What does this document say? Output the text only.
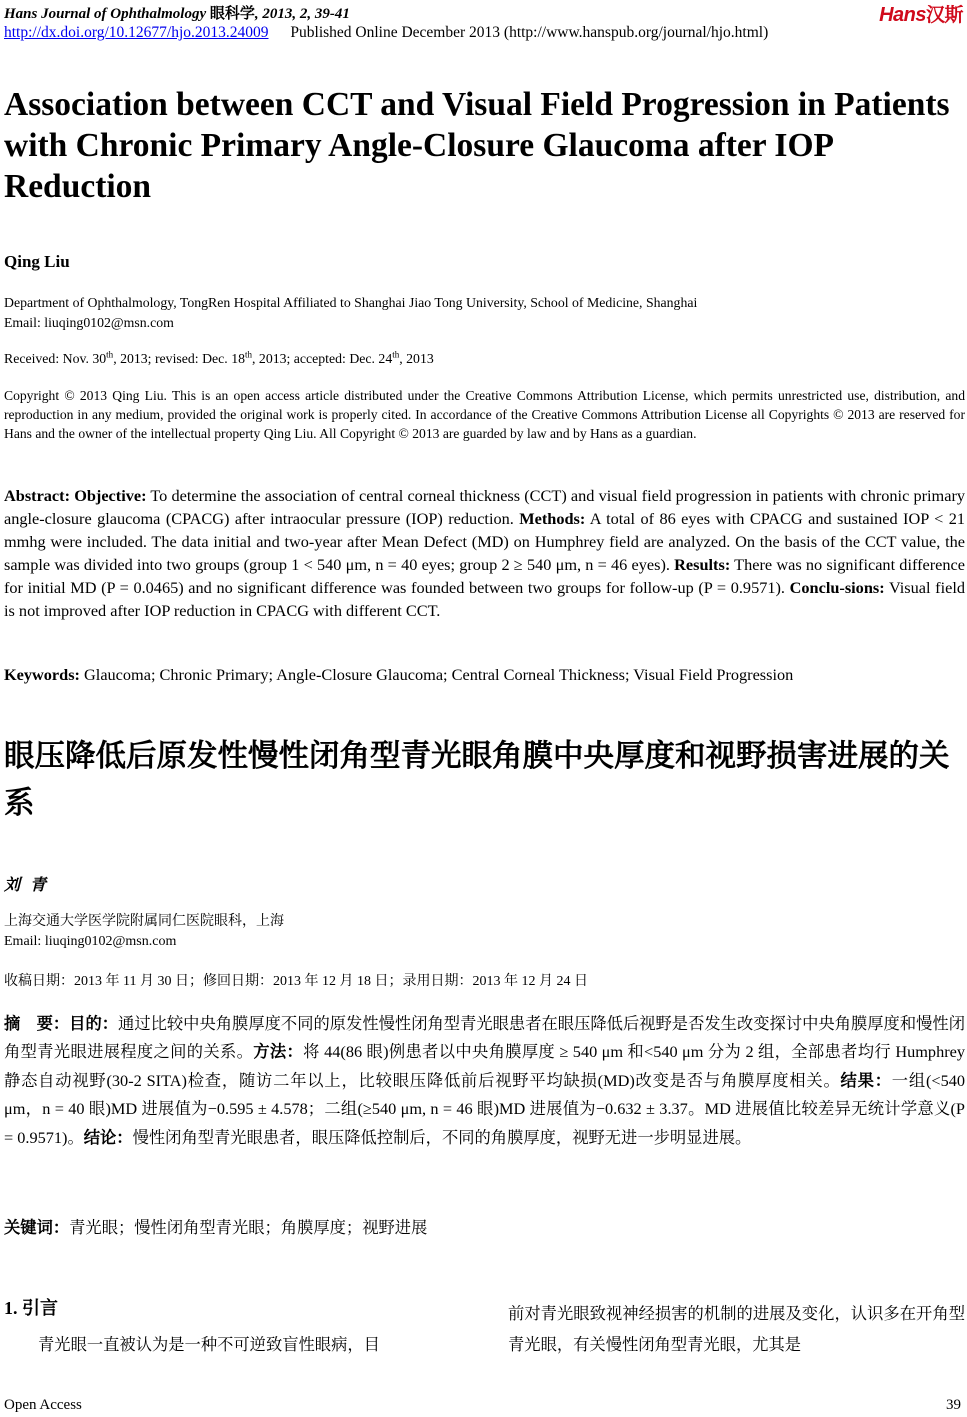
Hans Journal of Ophthalmology 眼科学, 2013, 2, 39-41
http://dx.doi.org/10.12677/hjo.2013.24009 Published Online December 2013 (http://www.hanspub.org/journal/hjo.html)
Hans汉斯
Association between CCT and Visual Field Progression in Patients with Chronic Primary Angle-Closure Glaucoma after IOP Reduction
Qing Liu
Department of Ophthalmology, TongRen Hospital Affiliated to Shanghai Jiao Tong University, School of Medicine, Shanghai
Email: liuqing0102@msn.com
Received: Nov. 30th, 2013; revised: Dec. 18th, 2013; accepted: Dec. 24th, 2013
Copyright © 2013 Qing Liu. This is an open access article distributed under the Creative Commons Attribution License, which permits unrestricted use, distribution, and reproduction in any medium, provided the original work is properly cited. In accordance of the Creative Commons Attribution License all Copyrights © 2013 are reserved for Hans and the owner of the intellectual property Qing Liu. All Copyright © 2013 are guarded by law and by Hans as a guardian.
Abstract: Objective: To determine the association of central corneal thickness (CCT) and visual field progression in patients with chronic primary angle-closure glaucoma (CPACG) after intraocular pressure (IOP) reduction. Methods: A total of 86 eyes with CPACG and sustained IOP < 21 mmhg were included. The data initial and two-year after Mean Defect (MD) on Humphrey field are analyzed. On the basis of the CCT value, the sample was divided into two groups (group 1 < 540 μm, n = 40 eyes; group 2 ≥ 540 μm, n = 46 eyes). Results: There was no significant difference for initial MD (P = 0.0465) and no significant difference was founded between two groups for follow-up (P = 0.9571). Conclu-sions: Visual field is not improved after IOP reduction in CPACG with different CCT.
Keywords: Glaucoma; Chronic Primary; Angle-Closure Glaucoma; Central Corneal Thickness; Visual Field Progression
眼压降低后原发性慢性闭角型青光眼角膜中央厚度和视野损害进展的关系
刘青
上海交通大学医学院附属同仁医院眼科，上海
Email: liuqing0102@msn.com
收稿日期：2013 年 11 月 30 日；修回日期：2013 年 12 月 18 日；录用日期：2013 年 12 月 24 日
摘　要：目的：通过比较中央角膜厚度不同的原发性慢性闭角型青光眼患者在眼压降低后视野是否发生改变探讨中央角膜厚度和慢性闭角型青光眼进展程度之间的关系。方法：将 44(86 眼)例患者以中央角膜厚度 ≥ 540 μm 和<540 μm 分为 2 组，全部患者均行 Humphrey 静态自动视野(30-2 SITA)检查，随访二年以上，比较眼压降低前后视野平均缺损(MD)改变是否与角膜厚度相关。结果：一组(<540 μm，n = 40 眼)MD 进展值为−0.595 ± 4.578；二组(≥540 μm, n = 46 眼)MD 进展值为−0.632 ± 3.37。MD 进展值比较差异无统计学意义(P = 0.9571)。结论：慢性闭角型青光眼患者，眼压降低控制后，不同的角膜厚度，视野无进一步明显进展。
关键词：青光眼；慢性闭角型青光眼；角膜厚度；视野进展
1. 引言
青光眼一直被认为是一种不可逆致盲性眼病，目
前对青光眼致视神经损害的机制的进展及变化，认识多在开角型青光眼，有关慢性闭角型青光眼，尤其是
Open Access	39
